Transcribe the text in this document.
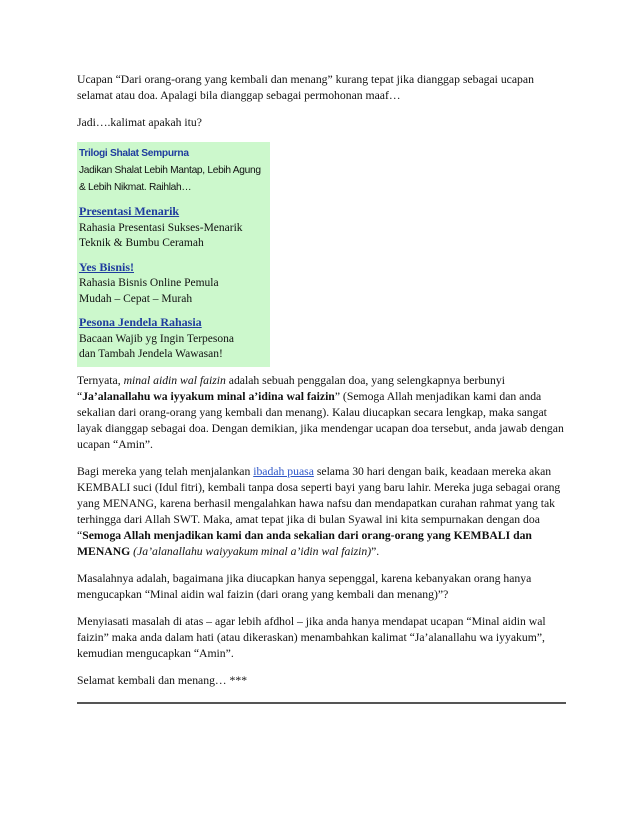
Ucapan “Dari orang-orang yang kembali dan menang” kurang tepat jika dianggap sebagai ucapan selamat atau doa. Apalagi bila dianggap sebagai permohonan maaf…

Jadi….kalimat apakah itu?

Trilogi Shalat Sempurna
Jadikan Shalat Lebih Mantap, Lebih Agung & Lebih Nikmat. Raihlah…
Presentasi Menarik
Rahasia Presentasi Sukses-Menarik
Teknik & Bumbu Ceramah
Yes Bisnis!
Rahasia Bisnis Online Pemula
Mudah – Cepat – Murah
Pesona Jendela Rahasia
Bacaan Wajib yg Ingin Terpesona
dan Tambah Jendela Wawasan!

Ternyata, minal aidin wal faizin adalah sebuah penggalan doa, yang selengkapnya berbunyi “Ja’alanallahu wa iyyakum minal a’idina wal faizin” (Semoga Allah menjadikan kami dan anda sekalian dari orang-orang yang kembali dan menang). Kalau diucapkan secara lengkap, maka sangat layak dianggap sebagai doa. Dengan demikian, jika mendengar ucapan doa tersebut, anda jawab dengan ucapan “Amin”.

Bagi mereka yang telah menjalankan ibadah puasa selama 30 hari dengan baik, keadaan mereka akan KEMBALI suci (Idul fitri), kembali tanpa dosa seperti bayi yang baru lahir. Mereka juga sebagai orang yang MENANG, karena berhasil mengalahkan hawa nafsu dan mendapatkan curahan rahmat yang tak terhingga dari Allah SWT. Maka, amat tepat jika di bulan Syawal ini kita sempurnakan dengan doa “Semoga Allah menjadikan kami dan anda sekalian dari orang-orang yang KEMBALI dan MENANG (Ja’alanallahu waiyyakum minal a’idin wal faizin)”.

Masalahnya adalah, bagaimana jika diucapkan hanya sepenggal, karena kebanyakan orang hanya mengucapkan “Minal aidin wal faizin (dari orang yang kembali dan menang)”?

Menyiasati masalah di atas – agar lebih afdhol – jika anda hanya mendapat ucapan “Minal aidin wal faizin” maka anda dalam hati (atau dikeraskan) menambahkan kalimat “Ja’alanallahu wa iyyakum”, kemudian mengucapkan “Amin”.

Selamat kembali dan menang… ***
